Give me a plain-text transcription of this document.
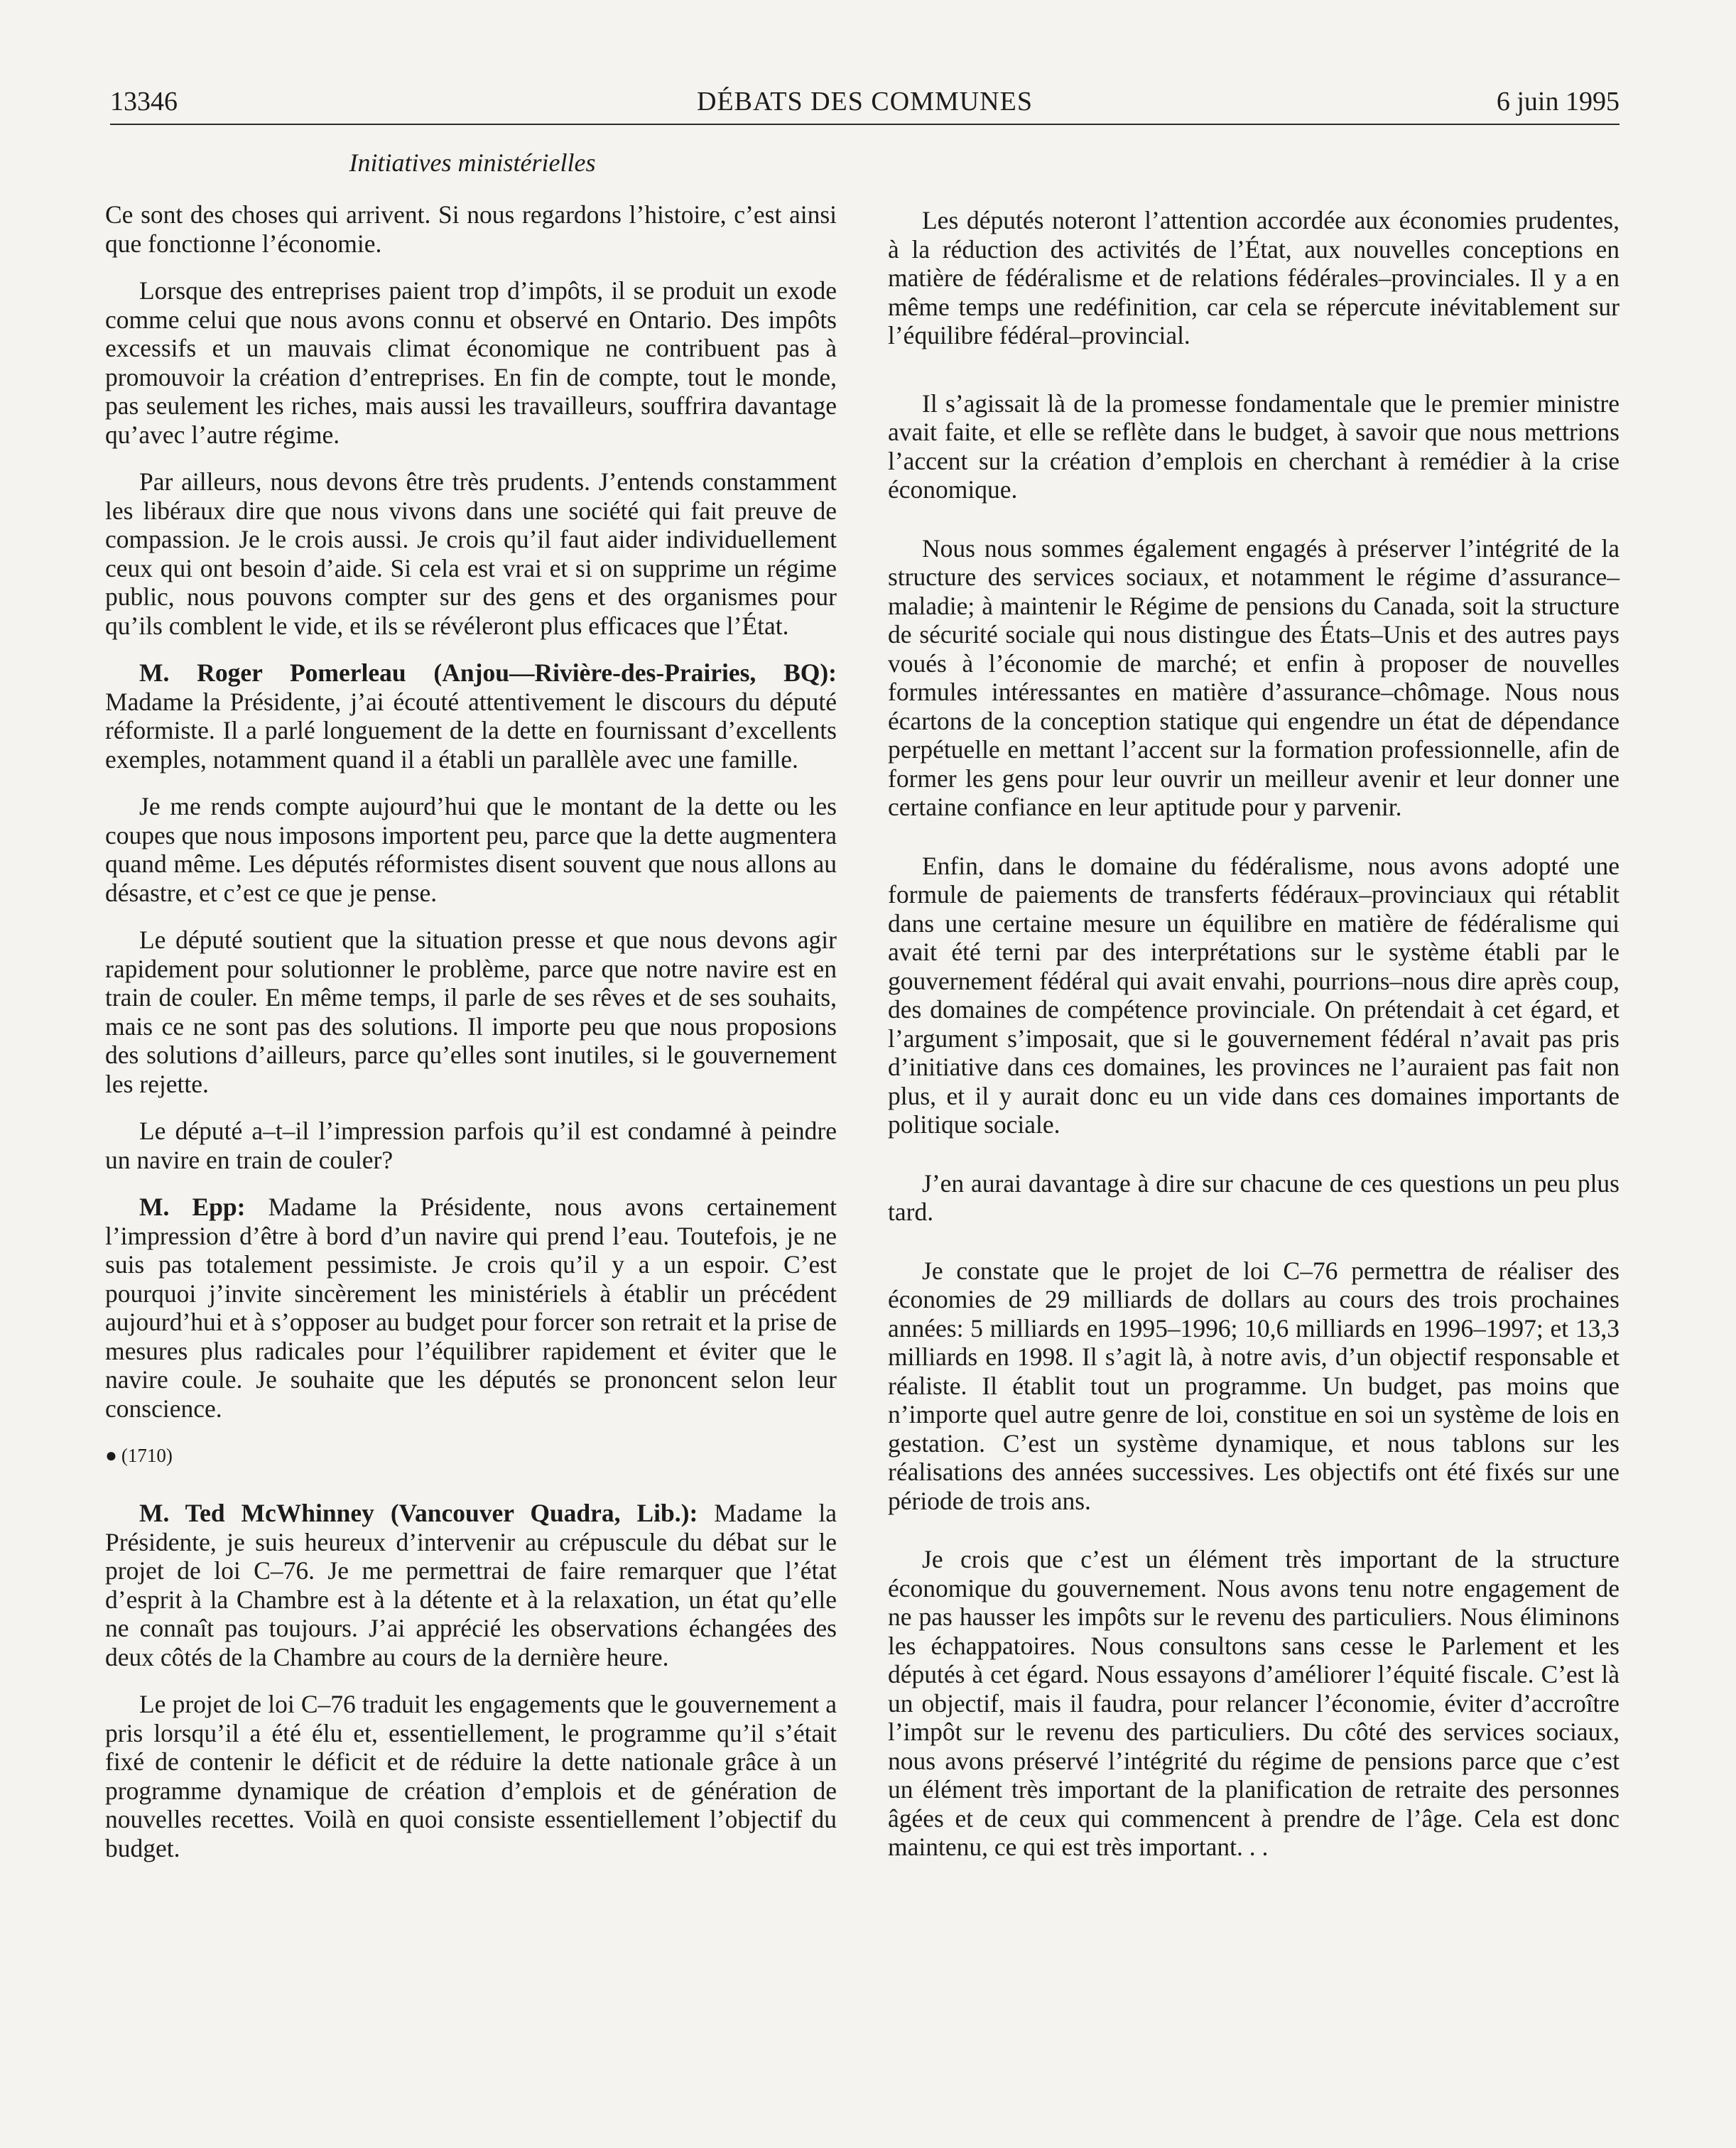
13346	DÉBATS DES COMMUNES	6 juin 1995
Initiatives ministérielles

Ce sont des choses qui arrivent. Si nous regardons l’histoire, c’est ainsi que fonctionne l’économie.

Lorsque des entreprises paient trop d’impôts, il se produit un exode comme celui que nous avons connu et observé en Ontario. Des impôts excessifs et un mauvais climat économique ne contribuent pas à promouvoir la création d’entreprises. En fin de compte, tout le monde, pas seulement les riches, mais aussi les travailleurs, souffrira davantage qu’avec l’autre régime.

Par ailleurs, nous devons être très prudents. J’entends constamment les libéraux dire que nous vivons dans une société qui fait preuve de compassion. Je le crois aussi. Je crois qu’il faut aider individuellement ceux qui ont besoin d’aide. Si cela est vrai et si on supprime un régime public, nous pouvons compter sur des gens et des organismes pour qu’ils comblent le vide, et ils se révéleront plus efficaces que l’État.

M. Roger Pomerleau (Anjou—Rivière-des-Prairies, BQ): Madame la Présidente, j’ai écouté attentivement le discours du député réformiste. Il a parlé longuement de la dette en fournissant d’excellents exemples, notamment quand il a établi un parallèle avec une famille.

Je me rends compte aujourd’hui que le montant de la dette ou les coupes que nous imposons importent peu, parce que la dette augmentera quand même. Les députés réformistes disent souvent que nous allons au désastre, et c’est ce que je pense.

Le député soutient que la situation presse et que nous devons agir rapidement pour solutionner le problème, parce que notre navire est en train de couler. En même temps, il parle de ses rêves et de ses souhaits, mais ce ne sont pas des solutions. Il importe peu que nous proposions des solutions d’ailleurs, parce qu’elles sont inutiles, si le gouvernement les rejette.

Le député a–t–il l’impression parfois qu’il est condamné à peindre un navire en train de couler?

M. Epp: Madame la Présidente, nous avons certainement l’impression d’être à bord d’un navire qui prend l’eau. Toutefois, je ne suis pas totalement pessimiste. Je crois qu’il y a un espoir. C’est pourquoi j’invite sincèrement les ministériels à établir un précédent aujourd’hui et à s’opposer au budget pour forcer son retrait et la prise de mesures plus radicales pour l’équilibrer rapidement et éviter que le navire coule. Je souhaite que les députés se prononcent selon leur conscience.

● (1710)

M. Ted McWhinney (Vancouver Quadra, Lib.): Madame la Présidente, je suis heureux d’intervenir au crépuscule du débat sur le projet de loi C–76. Je me permettrai de faire remarquer que l’état d’esprit à la Chambre est à la détente et à la relaxation, un état qu’elle ne connaît pas toujours. J’ai apprécié les observations échangées des deux côtés de la Chambre au cours de la dernière heure.

Le projet de loi C–76 traduit les engagements que le gouvernement a pris lorsqu’il a été élu et, essentiellement, le programme qu’il s’était fixé de contenir le déficit et de réduire la dette nationale grâce à un programme dynamique de création d’emplois et de génération de nouvelles recettes. Voilà en quoi consiste essentiellement l’objectif du budget.

Les députés noteront l’attention accordée aux économies prudentes, à la réduction des activités de l’État, aux nouvelles conceptions en matière de fédéralisme et de relations fédérales–provinciales. Il y a en même temps une redéfinition, car cela se répercute inévitablement sur l’équilibre fédéral–provincial.

Il s’agissait là de la promesse fondamentale que le premier ministre avait faite, et elle se reflète dans le budget, à savoir que nous mettrions l’accent sur la création d’emplois en cherchant à remédier à la crise économique.

Nous nous sommes également engagés à préserver l’intégrité de la structure des services sociaux, et notamment le régime d’assurance–maladie; à maintenir le Régime de pensions du Canada, soit la structure de sécurité sociale qui nous distingue des États–Unis et des autres pays voués à l’économie de marché; et enfin à proposer de nouvelles formules intéressantes en matière d’assurance–chômage. Nous nous écartons de la conception statique qui engendre un état de dépendance perpétuelle en mettant l’accent sur la formation professionnelle, afin de former les gens pour leur ouvrir un meilleur avenir et leur donner une certaine confiance en leur aptitude pour y parvenir.

Enfin, dans le domaine du fédéralisme, nous avons adopté une formule de paiements de transferts fédéraux–provinciaux qui rétablit dans une certaine mesure un équilibre en matière de fédéralisme qui avait été terni par des interprétations sur le système établi par le gouvernement fédéral qui avait envahi, pourrions–nous dire après coup, des domaines de compétence provinciale. On prétendait à cet égard, et l’argument s’imposait, que si le gouvernement fédéral n’avait pas pris d’initiative dans ces domaines, les provinces ne l’auraient pas fait non plus, et il y aurait donc eu un vide dans ces domaines importants de politique sociale.

J’en aurai davantage à dire sur chacune de ces questions un peu plus tard.

Je constate que le projet de loi C–76 permettra de réaliser des économies de 29 milliards de dollars au cours des trois prochaines années: 5 milliards en 1995–1996; 10,6 milliards en 1996–1997; et 13,3 milliards en 1998. Il s’agit là, à notre avis, d’un objectif responsable et réaliste. Il établit tout un programme. Un budget, pas moins que n’importe quel autre genre de loi, constitue en soi un système de lois en gestation. C’est un système dynamique, et nous tablons sur les réalisations des années successives. Les objectifs ont été fixés sur une période de trois ans.

Je crois que c’est un élément très important de la structure économique du gouvernement. Nous avons tenu notre engagement de ne pas hausser les impôts sur le revenu des particuliers. Nous éliminons les échappatoires. Nous consultons sans cesse le Parlement et les députés à cet égard. Nous essayons d’améliorer l’équité fiscale. C’est là un objectif, mais il faudra, pour relancer l’économie, éviter d’accroître l’impôt sur le revenu des particuliers. Du côté des services sociaux, nous avons préservé l’intégrité du régime de pensions parce que c’est un élément très important de la planification de retraite des personnes âgées et de ceux qui commencent à prendre de l’âge. Cela est donc maintenu, ce qui est très important. . .
